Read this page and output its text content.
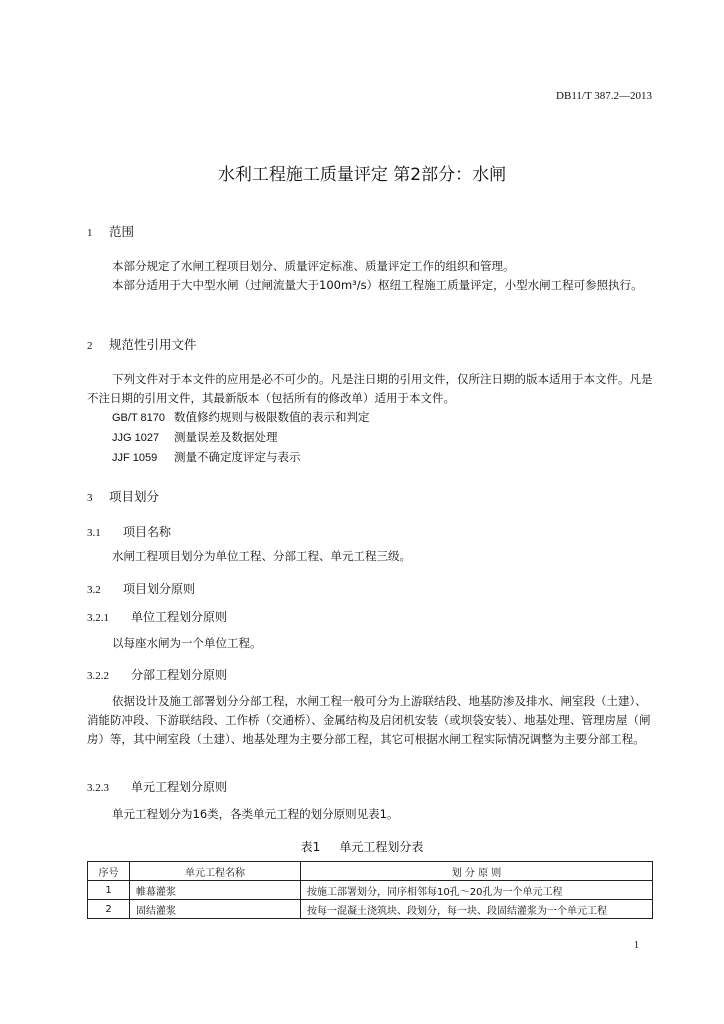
DB11/T 387.2—2013
水利工程施工质量评定 第2部分：水闸
1 范围

本部分规定了水闸工程项目划分、质量评定标准、质量评定工作的组织和管理。

本部分适用于大中型水闸（过闸流量大于100m³/s）枢纽工程施工质量评定，小型水闸工程可参照执行。

2 规范性引用文件

下列文件对于本文件的应用是必不可少的。凡是注日期的引用文件，仅所注日期的版本适用于本文件。凡是不注日期的引用文件，其最新版本（包括所有的修改单）适用于本文件。

GB/T 8170 数值修约规则与极限数值的表示和判定
JJG 1027 测量误差及数据处理
JJF 1059 测量不确定度评定与表示
3 项目划分
3.1 项目名称
水闸工程项目划分为单位工程、分部工程、单元工程三级。
3.2 项目划分原则
3.2.1 单位工程划分原则
以每座水闸为一个单位工程。
3.2.2 分部工程划分原则
依据设计及施工部署划分分部工程，水闸工程一般可分为上游联结段、地基防渗及排水、闸室段（土建）、消能防冲段、下游联结段、工作桥（交通桥）、金属结构及启闭机安装（或坝袋安装）、地基处理、管理房屋（闸房）等，其中闸室段（土建）、地基处理为主要分部工程，其它可根据水闸工程实际情况调整为主要分部工程。
3.2.3 单元工程划分原则
单元工程划分为16类，各类单元工程的划分原则见表1。
表1 单元工程划分表
序号	单元工程名称	划 分 原 则
1	帷幕灌浆	按施工部署划分，同序相邻每10孔～20孔为一个单元工程
2	固结灌浆	按每一混凝土浇筑块、段划分，每一块、段固结灌浆为一个单元工程
1
